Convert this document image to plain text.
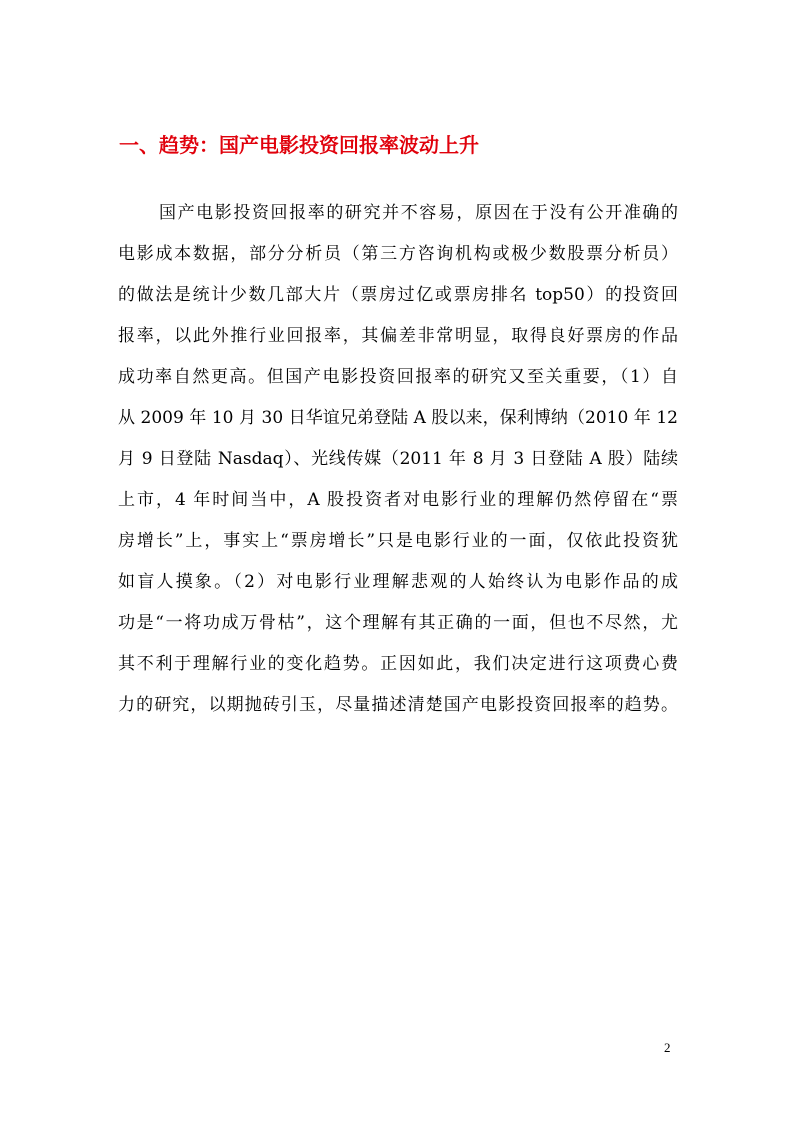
一、趋势：国产电影投资回报率波动上升
国产电影投资回报率的研究并不容易，原因在于没有公开准确的
电影成本数据，部分分析员（第三方咨询机构或极少数股票分析员）
的做法是统计少数几部大片（票房过亿或票房排名 top50）的投资回
报率，以此外推行业回报率，其偏差非常明显，取得良好票房的作品
成功率自然更高。但国产电影投资回报率的研究又至关重要，（1）自
从 2009 年 10 月 30 日华谊兄弟登陆 A 股以来，保利博纳（2010 年 12
月 9 日登陆 Nasdaq）、光线传媒（2011 年 8 月 3 日登陆 A 股）陆续
上市，4 年时间当中，A 股投资者对电影行业的理解仍然停留在“票
房增长”上，事实上“票房增长”只是电影行业的一面，仅依此投资犹
如盲人摸象。（2）对电影行业理解悲观的人始终认为电影作品的成
功是“一将功成万骨枯”，这个理解有其正确的一面，但也不尽然，尤
其不利于理解行业的变化趋势。正因如此，我们决定进行这项费心费
力的研究，以期抛砖引玉，尽量描述清楚国产电影投资回报率的趋势。
2
